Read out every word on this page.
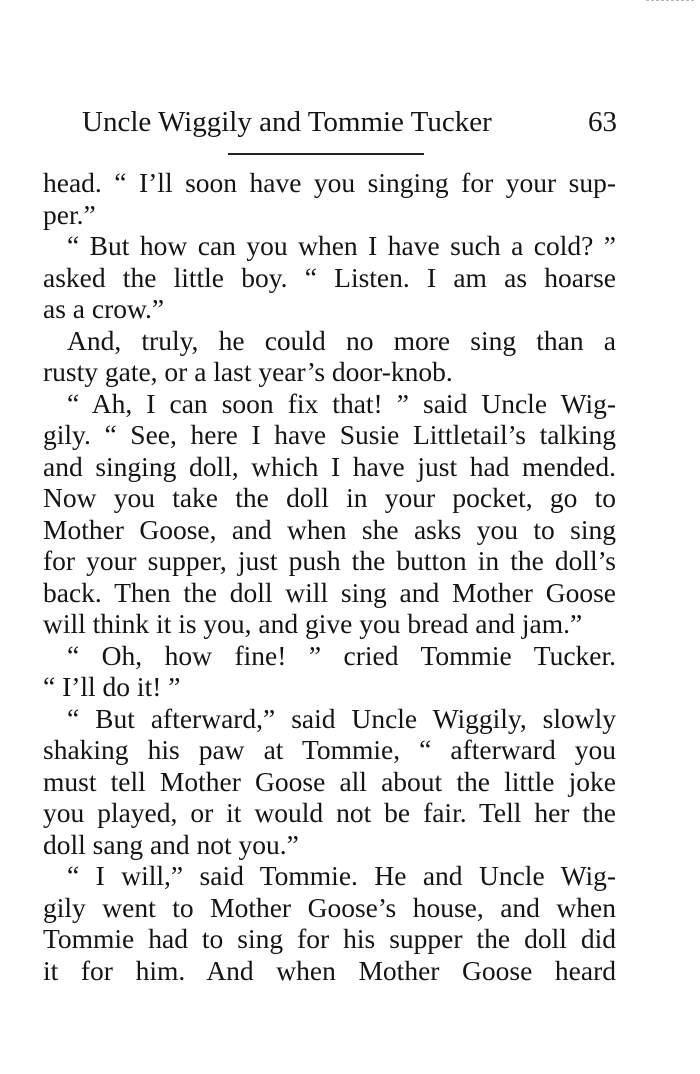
Uncle Wiggily and Tommie Tucker	63
head. “ I’ll soon have you singing for your sup-
per.”
“ But how can you when I have such a cold? ”
asked the little boy. “ Listen. I am as hoarse
as a crow.”
And, truly, he could no more sing than a
rusty gate, or a last year’s door-knob.
“ Ah, I can soon fix that! ” said Uncle Wig-
gily. “ See, here I have Susie Littletail’s talking
and singing doll, which I have just had mended.
Now you take the doll in your pocket, go to
Mother Goose, and when she asks you to sing
for your supper, just push the button in the doll’s
back. Then the doll will sing and Mother Goose
will think it is you, and give you bread and jam.”
“ Oh, how fine! ” cried Tommie Tucker.
“ I’ll do it! ”
“ But afterward,” said Uncle Wiggily, slowly
shaking his paw at Tommie, “ afterward you
must tell Mother Goose all about the little joke
you played, or it would not be fair. Tell her the
doll sang and not you.”
“ I will,” said Tommie. He and Uncle Wig-
gily went to Mother Goose’s house, and when
Tommie had to sing for his supper the doll did
it for him. And when Mother Goose heard
